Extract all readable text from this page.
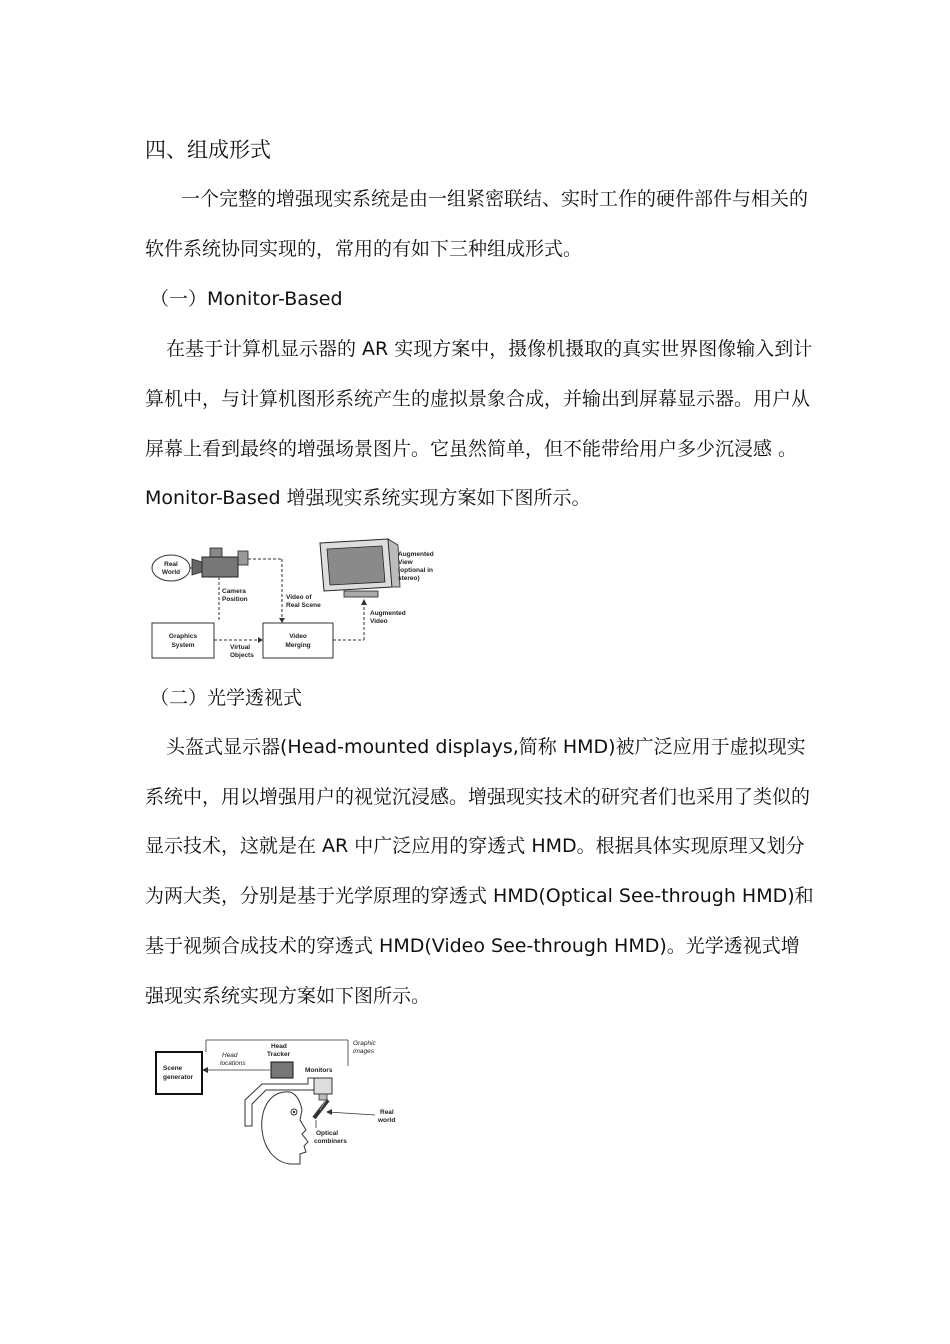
四、组成形式
一个完整的增强现实系统是由一组紧密联结、实时工作的硬件部件与相关的
软件系统协同实现的，常用的有如下三种组成形式。
（一）Monitor-Based
在基于计算机显示器的 AR 实现方案中，摄像机摄取的真实世界图像输入到计
算机中，与计算机图形系统产生的虚拟景象合成，并输出到屏幕显示器。用户从
屏幕上看到最终的增强场景图片。它虽然简单，但不能带给用户多少沉浸感 。
Monitor-Based 增强现实系统实现方案如下图所示。
Real
World
Camera
Position	Video of
Real Scene
Graphics
System	Virtual
Objects
Video
Merging
Augmented
Video
Augmented
View
(optional in
stereo)
（二）光学透视式
头盔式显示器(Head-mounted displays,简称 HMD)被广泛应用于虚拟现实
系统中，用以增强用户的视觉沉浸感。增强现实技术的研究者们也采用了类似的
显示技术，这就是在 AR 中广泛应用的穿透式 HMD。根据具体实现原理又划分
为两大类，分别是基于光学原理的穿透式 HMD(Optical See-through HMD)和
基于视频合成技术的穿透式 HMD(Video See-through HMD)。光学透视式增
强现实系统实现方案如下图所示。
Scene
generator
Head
locations
Head
Tracker
Graphic
images
Monitors
Real
world
Optical
combiners
